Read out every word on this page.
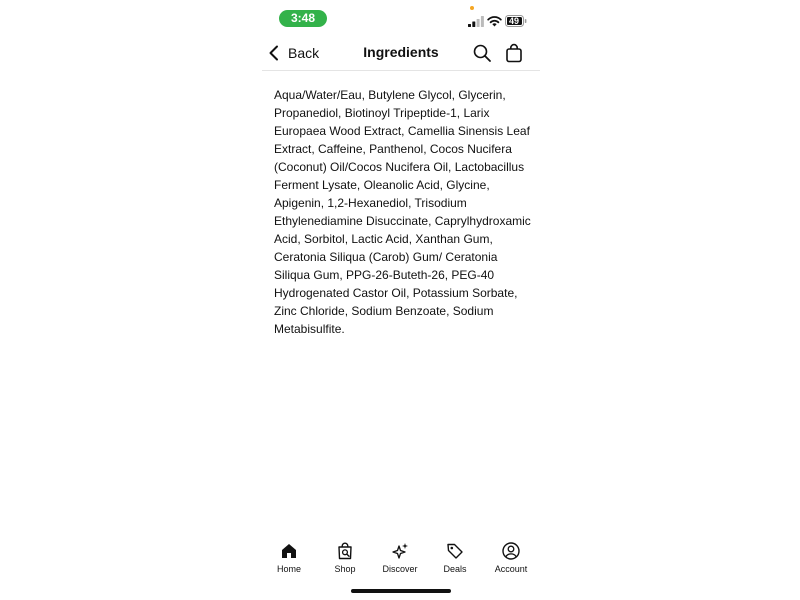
3:48	49
Back	Ingredients

Aqua/Water/Eau, Butylene Glycol, Glycerin, Propanediol, Biotinoyl Tripeptide-1, Larix Europaea Wood Extract, Camellia Sinensis Leaf Extract, Caffeine, Panthenol, Cocos Nucifera (Coconut) Oil/Cocos Nucifera Oil, Lactobacillus Ferment Lysate, Oleanolic Acid, Glycine, Apigenin, 1,2-Hexanediol, Trisodium Ethylenediamine Disuccinate, Caprylhydroxamic Acid, Sorbitol, Lactic Acid, Xanthan Gum, Ceratonia Siliqua (Carob) Gum/ Ceratonia Siliqua Gum, PPG-26-Buteth-26, PEG-40 Hydrogenated Castor Oil, Potassium Sorbate, Zinc Chloride, Sodium Benzoate, Sodium Metabisulfite.

Home	Shop	Discover	Deals	Account
